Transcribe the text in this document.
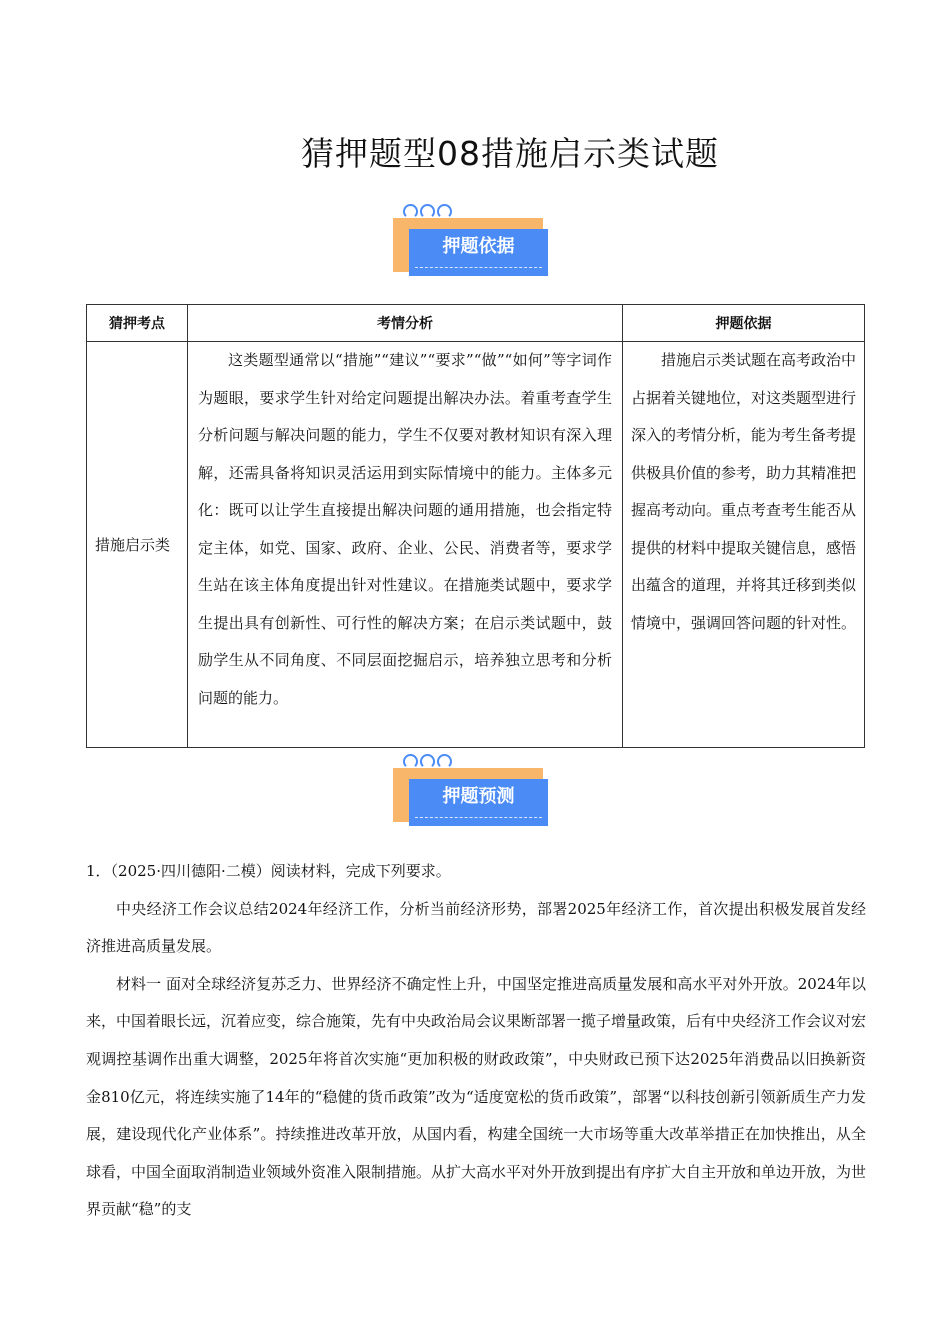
猜押题型08措施启示类试题
押题依据
猜押考点	考情分析	押题依据
措施启示类	这类题型通常以“措施”“建议”“要求”“做”“如何”等字词作为题眼，要求学生针对给定问题提出解决办法。着重考查学生分析问题与解决问题的能力，学生不仅要对教材知识有深入理解，还需具备将知识灵活运用到实际情境中的能力。主体多元化：既可以让学生直接提出解决问题的通用措施，也会指定特定主体，如党、国家、政府、企业、公民、消费者等，要求学生站在该主体角度提出针对性建议。在措施类试题中，要求学生提出具有创新性、可行性的解决方案；在启示类试题中，鼓励学生从不同角度、不同层面挖掘启示，培养独立思考和分析问题的能力。	措施启示类试题在高考政治中占据着关键地位，对这类题型进行深入的考情分析，能为考生备考提供极具价值的参考，助力其精准把握高考动向。重点考查考生能否从提供的材料中提取关键信息，感悟出蕴含的道理，并将其迁移到类似情境中，强调回答问题的针对性。
押题预测

1．（2025·四川德阳·二模）阅读材料，完成下列要求。

中央经济工作会议总结2024年经济工作，分析当前经济形势，部署2025年经济工作，首次提出积极发展首发经济推进高质量发展。

材料一 面对全球经济复苏乏力、世界经济不确定性上升，中国坚定推进高质量发展和高水平对外开放。2024年以来，中国着眼长远，沉着应变，综合施策，先有中央政治局会议果断部署一揽子增量政策，后有中央经济工作会议对宏观调控基调作出重大调整，2025年将首次实施“更加积极的财政政策”，中央财政已预下达2025年消费品以旧换新资金810亿元，将连续实施了14年的“稳健的货币政策”改为“适度宽松的货币政策”，部署“以科技创新引领新质生产力发展，建设现代化产业体系”。持续推进改革开放，从国内看，构建全国统一大市场等重大改革举措正在加快推出，从全球看，中国全面取消制造业领域外资准入限制措施。从扩大高水平对外开放到提出有序扩大自主开放和单边开放，为世界贡献“稳”的支
